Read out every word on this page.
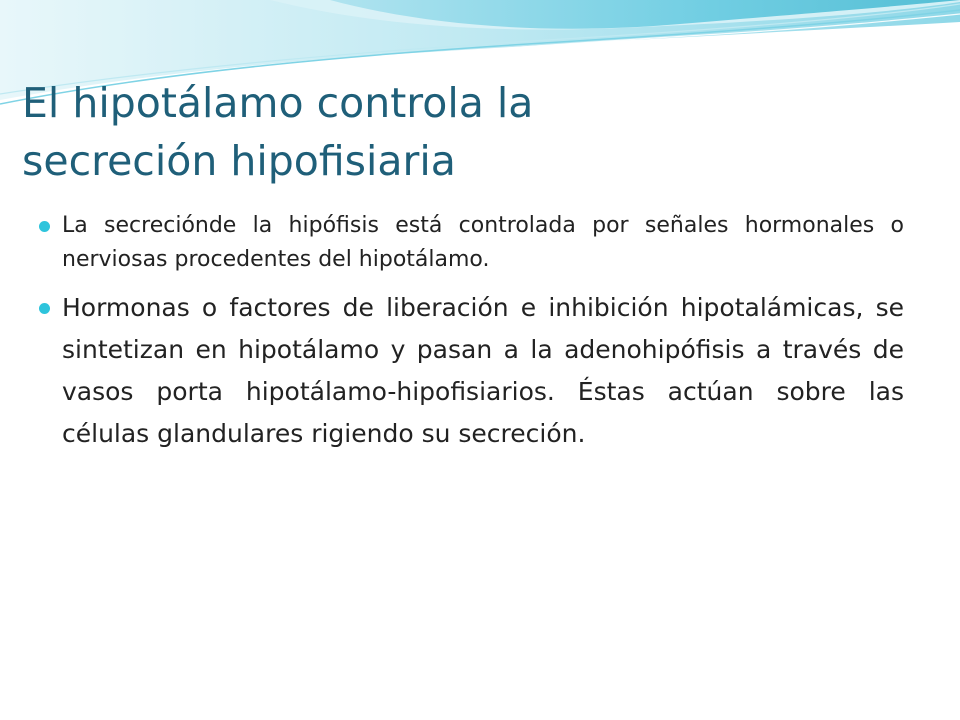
El hipotálamo controla la
secreción hipofisiaria
La secreciónde la hipófisis está controlada por señales hormonales o nerviosas procedentes del hipotálamo.
Hormonas o factores de liberación e inhibición hipotalámicas, se sintetizan en hipotálamo y pasan a la adenohipófisis a través de vasos porta hipotálamo-hipofisiarios. Éstas actúan sobre las células glandulares rigiendo su secreción.
